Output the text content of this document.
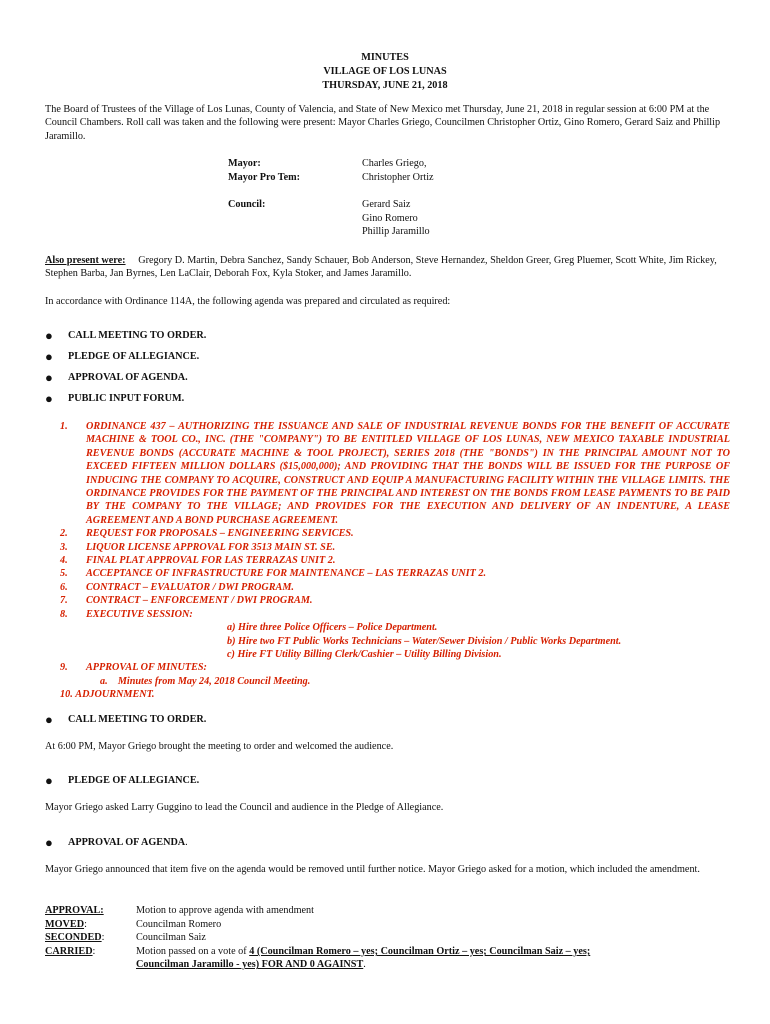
MINUTES
VILLAGE OF LOS LUNAS
THURSDAY, JUNE 21, 2018
The Board of Trustees of the Village of Los Lunas, County of Valencia, and State of New Mexico met Thursday, June 21, 2018 in regular session at 6:00 PM at the Council Chambers. Roll call was taken and the following were present: Mayor Charles Griego, Councilmen Christopher Ortiz, Gino Romero, Gerard Saiz and Phillip Jaramillo.
Mayor:	Charles Griego,
Mayor Pro Tem:	Christopher Ortiz
Council:	Gerard Saiz
Gino Romero
Phillip Jaramillo
Also present were: Gregory D. Martin, Debra Sanchez, Sandy Schauer, Bob Anderson, Steve Hernandez, Sheldon Greer, Greg Pluemer, Scott White, Jim Rickey, Stephen Barba, Jan Byrnes, Len LaClair, Deborah Fox, Kyla Stoker, and James Jaramillo.
In accordance with Ordinance 114A, the following agenda was prepared and circulated as required:
● CALL MEETING TO ORDER.
● PLEDGE OF ALLEGIANCE.
● APPROVAL OF AGENDA.
● PUBLIC INPUT FORUM.
1. ORDINANCE 437 – AUTHORIZING THE ISSUANCE AND SALE OF INDUSTRIAL REVENUE BONDS FOR THE BENEFIT OF ACCURATE MACHINE & TOOL CO., INC. (THE "COMPANY") TO BE ENTITLED VILLAGE OF LOS LUNAS, NEW MEXICO TAXABLE INDUSTRIAL REVENUE BONDS (ACCURATE MACHINE & TOOL PROJECT), SERIES 2018 (THE "BONDS") IN THE PRINCIPAL AMOUNT NOT TO EXCEED FIFTEEN MILLION DOLLARS ($15,000,000); AND PROVIDING THAT THE BONDS WILL BE ISSUED FOR THE PURPOSE OF INDUCING THE COMPANY TO ACQUIRE, CONSTRUCT AND EQUIP A MANUFACTURING FACILITY WITHIN THE VILLAGE LIMITS. THE ORDINANCE PROVIDES FOR THE PAYMENT OF THE PRINCIPAL AND INTEREST ON THE BONDS FROM LEASE PAYMENTS TO BE PAID BY THE COMPANY TO THE VILLAGE; AND PROVIDES FOR THE EXECUTION AND DELIVERY OF AN INDENTURE, A LEASE AGREEMENT AND A BOND PURCHASE AGREEMENT.
2. REQUEST FOR PROPOSALS – ENGINEERING SERVICES.
3. LIQUOR LICENSE APPROVAL FOR 3513 MAIN ST. SE.
4. FINAL PLAT APPROVAL FOR LAS TERRAZAS UNIT 2.
5. ACCEPTANCE OF INFRASTRUCTURE FOR MAINTENANCE – LAS TERRAZAS UNIT 2.
6. CONTRACT – EVALUATOR / DWI PROGRAM.
7. CONTRACT – ENFORCEMENT / DWI PROGRAM.
8. EXECUTIVE SESSION:
a) Hire three Police Officers – Police Department.
b) Hire two FT Public Works Technicians – Water/Sewer Division / Public Works Department.
c) Hire FT Utility Billing Clerk/Cashier – Utility Billing Division.
9. APPROVAL OF MINUTES:
a. Minutes from May 24, 2018 Council Meeting.
10. ADJOURNMENT.
● CALL MEETING TO ORDER.
At 6:00 PM, Mayor Griego brought the meeting to order and welcomed the audience.
● PLEDGE OF ALLEGIANCE.
Mayor Griego asked Larry Guggino to lead the Council and audience in the Pledge of Allegiance.
● APPROVAL OF AGENDA.
Mayor Griego announced that item five on the agenda would be removed until further notice. Mayor Griego asked for a motion, which included the amendment.
APPROVAL:	Motion to approve agenda with amendment
MOVED:	Councilman Romero
SECONDED:	Councilman Saiz
CARRIED:	Motion passed on a vote of 4 (Councilman Romero – yes; Councilman Ortiz – yes; Councilman Saiz – yes;
Councilman Jaramillo - yes) FOR AND 0 AGAINST.
